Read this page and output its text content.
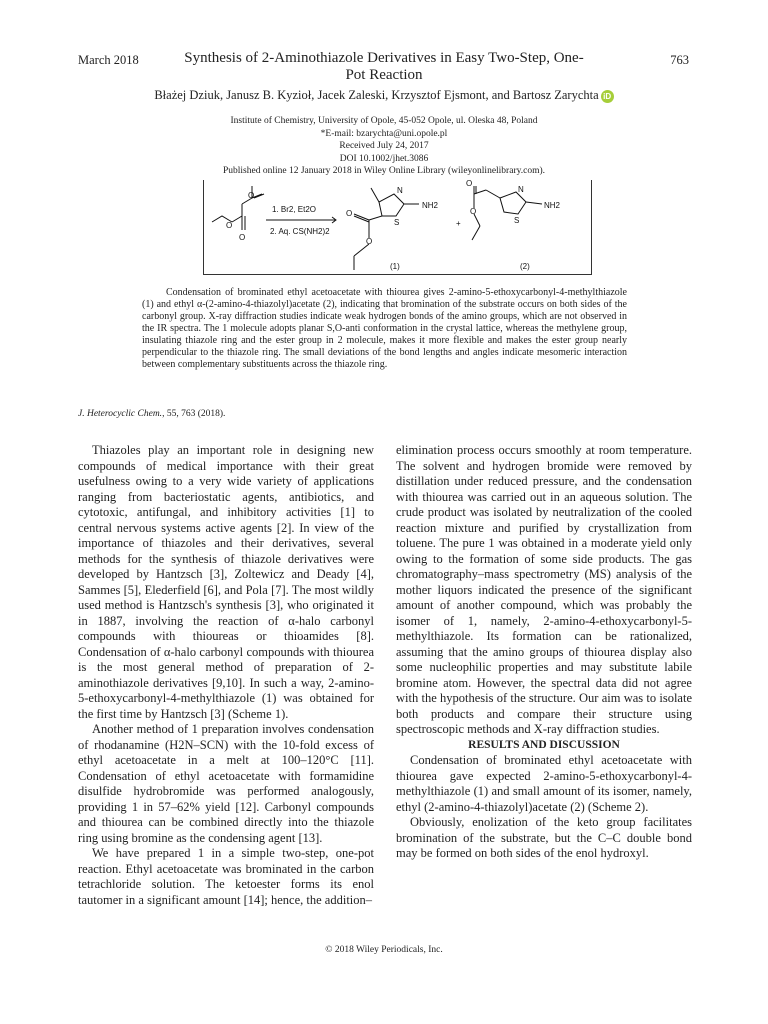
March 2018	Synthesis of 2-Aminothiazole Derivatives in Easy Two-Step, One-Pot Reaction
763
Błażej Dziuk, Janusz B. Kyzioł, Jacek Zaleski, Krzysztof Ejsmont, and Bartosz Zarychta iD
Institute of Chemistry, University of Opole, 45-052 Opole, ul. Oleska 48, Poland
*E-mail: bzarychta@uni.opole.pl
Received July 24, 2017
DOI 10.1002/jhet.3086
Published online 12 January 2018 in Wiley Online Library (wileyonlinelibrary.com).
O
O
O
1. Br2, Et2O
2. Aq. CS(NH2)2
N
NH2
S
O
O
+
O
O
N
NH2
S
(1)	(2)
Condensation of brominated ethyl acetoacetate with thiourea gives 2-amino-5-ethoxycarbonyl-4-methylthiazole (1) and ethyl α-(2-amino-4-thiazolyl)acetate (2), indicating that bromination of the substrate occurs on both sides of the carbonyl group. X-ray diffraction studies indicate weak hydrogen bonds of the amino groups, which are not observed in the IR spectra. The 1 molecule adopts planar S,O-anti conformation in the crystal lattice, whereas the methylene group, insulating thiazole ring and the ester group in 2 molecule, makes it more flexible and makes the ester group nearly perpendicular to the thiazole ring. The small deviations of the bond lengths and angles indicate mesomeric interaction between complementary substituents across the thiazole ring.
J. Heterocyclic Chem., 55, 763 (2018).

Thiazoles play an important role in designing new compounds of medical importance with their great usefulness owing to a very wide variety of applications ranging from bacteriostatic agents, antibiotics, and cytotoxic, antifungal, and inhibitory activities [1] to central nervous systems active agents [2]. In view of the importance of thiazoles and their derivatives, several methods for the synthesis of thiazole derivatives were developed by Hantzsch [3], Zoltewicz and Deady [4], Sammes [5], Elederfield [6], and Pola [7]. The most wildly used method is Hantzsch's synthesis [3], who originated it in 1887, involving the reaction of α-halo carbonyl compounds with thioureas or thioamides [8]. Condensation of α-halo carbonyl compounds with thiourea is the most general method of preparation of 2-aminothiazole derivatives [9,10]. In such a way, 2-amino-5-ethoxycarbonyl-4-methylthiazole (1) was obtained for the first time by Hantzsch [3] (Scheme 1).

Another method of 1 preparation involves condensation of rhodanamine (H2N–SCN) with the 10-fold excess of ethyl acetoacetate in a melt at 100–120°C [11]. Condensation of ethyl acetoacetate with formamidine disulfide hydrobromide was performed analogously, providing 1 in 57–62% yield [12]. Carbonyl compounds and thiourea can be combined directly into the thiazole ring using bromine as the condensing agent [13].

We have prepared 1 in a simple two-step, one-pot reaction. Ethyl acetoacetate was brominated in the carbon tetrachloride solution. The ketoester forms its enol tautomer in a significant amount [14]; hence, the addition–

elimination process occurs smoothly at room temperature. The solvent and hydrogen bromide were removed by distillation under reduced pressure, and the condensation with thiourea was carried out in an aqueous solution. The crude product was isolated by neutralization of the cooled reaction mixture and purified by crystallization from toluene. The pure 1 was obtained in a moderate yield only owing to the formation of some side products. The gas chromatography–mass spectrometry (MS) analysis of the mother liquors indicated the presence of the significant amount of another compound, which was probably the isomer of 1, namely, 2-amino-4-ethoxycarbonyl-5-methylthiazole. Its formation can be rationalized, assuming that the amino groups of thiourea display also some nucleophilic properties and may substitute labile bromine atom. However, the spectral data did not agree with the hypothesis of the structure. Our aim was to isolate both products and compare their structure using spectroscopic methods and X-ray diffraction studies.

RESULTS AND DISCUSSION

Condensation of brominated ethyl acetoacetate with thiourea gave expected 2-amino-5-ethoxycarbonyl-4-methylthiazole (1) and small amount of its isomer, namely, ethyl (2-amino-4-thiazolyl)acetate (2) (Scheme 2).

Obviously, enolization of the keto group facilitates bromination of the substrate, but the C–C double bond may be formed on both sides of the enol hydroxyl.

© 2018 Wiley Periodicals, Inc.
